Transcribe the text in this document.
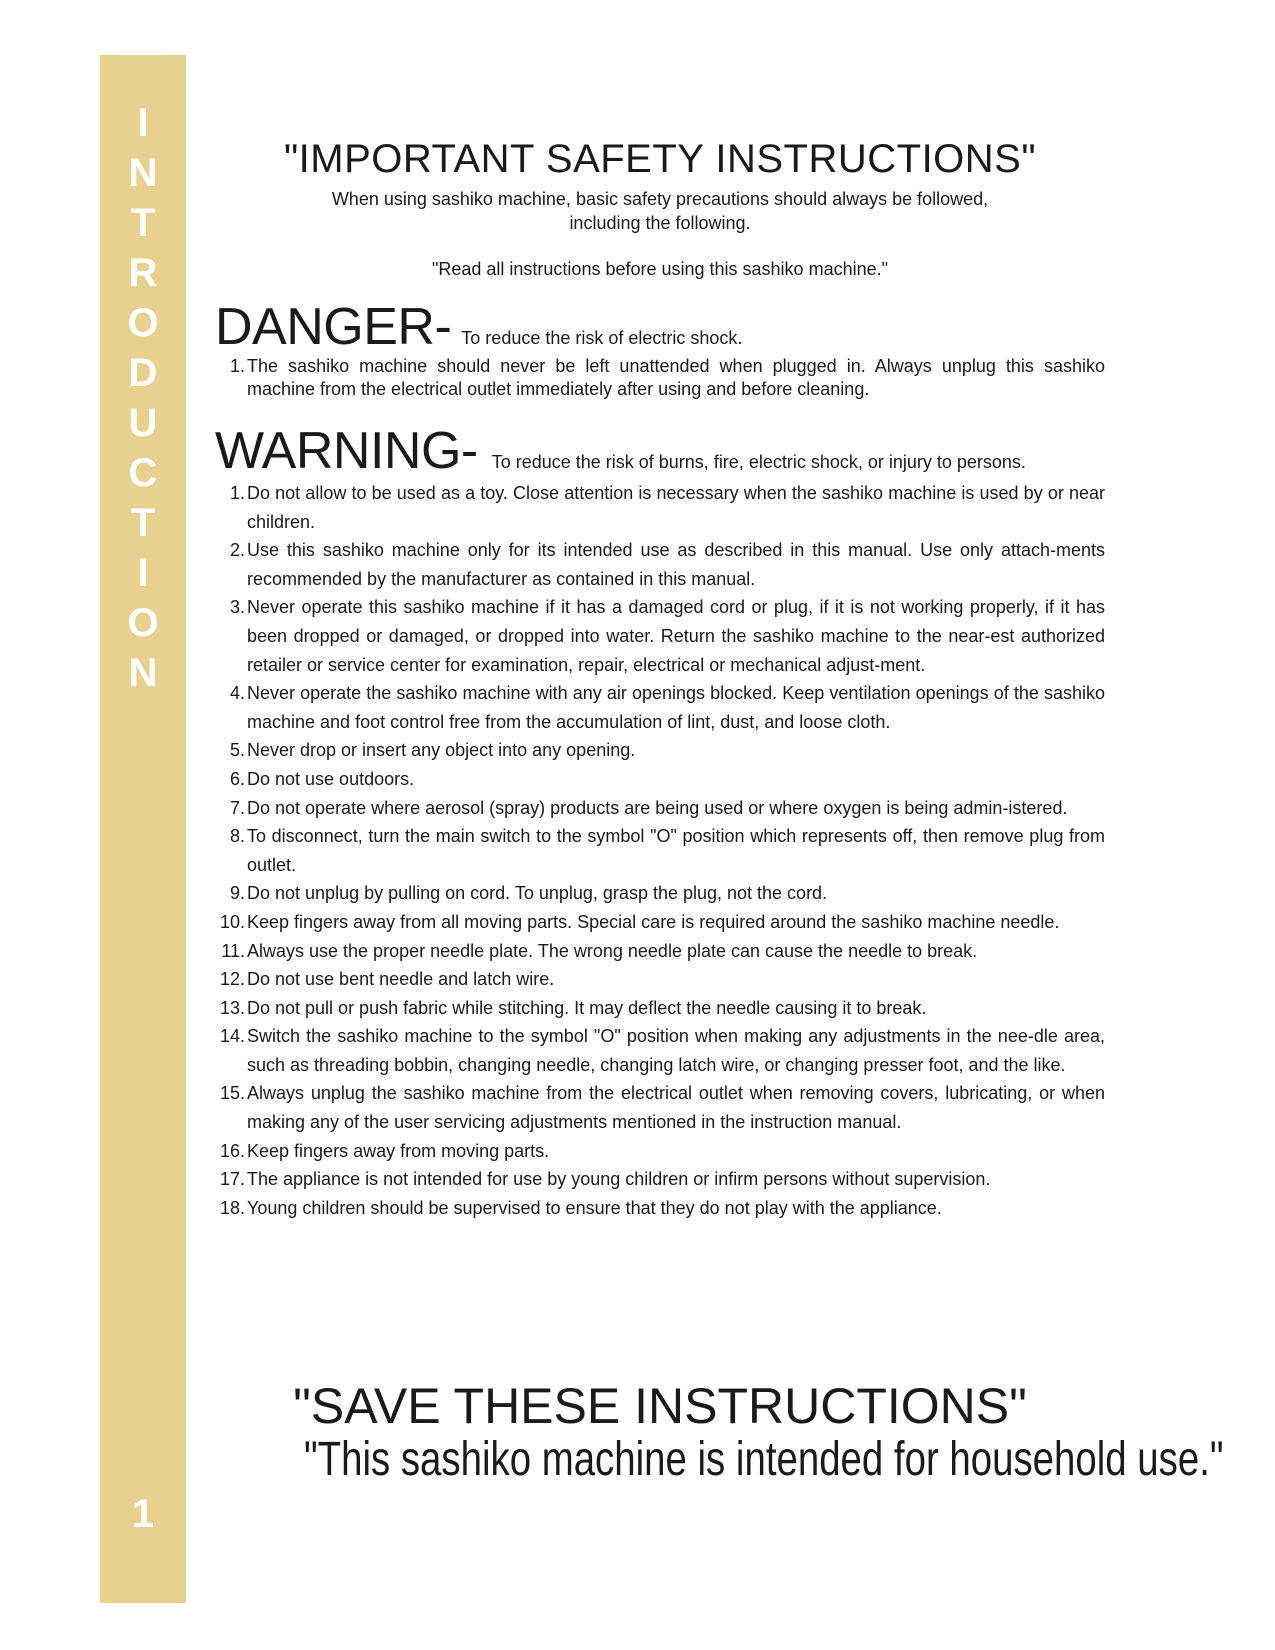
I
N
T
R
O
D
U
C
T
I
O
N
1
"IMPORTANT SAFETY INSTRUCTIONS"
When using sashiko machine, basic safety precautions should always be followed,
including the following.
"Read all instructions before using this sashiko machine."
DANGER- To reduce the risk of electric shock.
1. The sashiko machine should never be left unattended when plugged in. Always unplug this sashiko machine from the electrical outlet immediately after using and before cleaning.
WARNING- To reduce the risk of burns, fire, electric shock, or injury to persons.
1. Do not allow to be used as a toy. Close attention is necessary when the sashiko machine is used by or near children.
2. Use this sashiko machine only for its intended use as described in this manual. Use only attach-ments recommended by the manufacturer as contained in this manual.
3. Never operate this sashiko machine if it has a damaged cord or plug, if it is not working properly, if it has been dropped or damaged, or dropped into water. Return the sashiko machine to the near-est authorized retailer or service center for examination, repair, electrical or mechanical adjust-ment.
4. Never operate the sashiko machine with any air openings blocked. Keep ventilation openings of the sashiko machine and foot control free from the accumulation of lint, dust, and loose cloth.
5. Never drop or insert any object into any opening.
6. Do not use outdoors.
7. Do not operate where aerosol (spray) products are being used or where oxygen is being admin-istered.
8. To disconnect, turn the main switch to the symbol "O" position which represents off, then remove plug from outlet.
9. Do not unplug by pulling on cord. To unplug, grasp the plug, not the cord.
10. Keep fingers away from all moving parts. Special care is required around the sashiko machine needle.
11. Always use the proper needle plate. The wrong needle plate can cause the needle to break.
12. Do not use bent needle and latch wire.
13. Do not pull or push fabric while stitching. It may deflect the needle causing it to break.
14. Switch the sashiko machine to the symbol "O" position when making any adjustments in the nee-dle area, such as threading bobbin, changing needle, changing latch wire, or changing presser foot, and the like.
15. Always unplug the sashiko machine from the electrical outlet when removing covers, lubricating, or when making any of the user servicing adjustments mentioned in the instruction manual.
16. Keep fingers away from moving parts.
17. The appliance is not intended for use by young children or infirm persons without supervision.
18. Young children should be supervised to ensure that they do not play with the appliance.
"SAVE THESE INSTRUCTIONS"
"This sashiko machine is intended for household use."
